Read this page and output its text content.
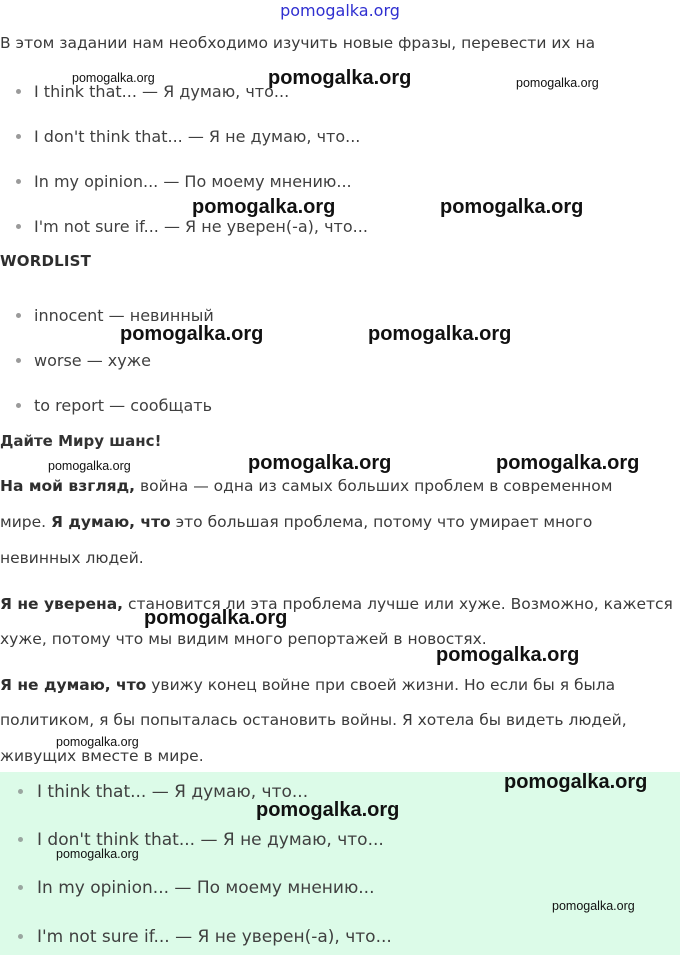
pomogalka.org
В этом задании нам необходимо изучить новые фразы, перевести их на
I think that... — Я думаю, что...
I don't think that... — Я не думаю, что...
In my opinion... — По моему мнению...
I'm not sure if... — Я не уверен(-а), что...
WORDLIST
innocent — невинный
worse — хуже
to report — сообщать
Дайте Миру шанс!
На мой взгляд, война — одна из самых больших проблем в современном
мире. Я думаю, что это большая проблема, потому что умирает много
невинных людей.
Я не уверена, становится ли эта проблема лучше или хуже. Возможно, кажется
хуже, потому что мы видим много репортажей в новостях.
Я не думаю, что увижу конец войне при своей жизни. Но если бы я была
политиком, я бы попыталась остановить войны. Я хотела бы видеть людей,
живущих вместе в мире.
I think that... — Я думаю, что...
I don't think that... — Я не думаю, что...
In my opinion... — По моему мнению...
I'm not sure if... — Я не уверен(-а), что...
pomogalka.org	pomogalka.org	pomogalka.org
pomogalka.org	pomogalka.org
pomogalka.org	pomogalka.org
pomogalka.org	pomogalka.org	pomogalka.org
pomogalka.org
pomogalka.org
pomogalka.org
pomogalka.org
pomogalka.org
pomogalka.org
pomogalka.org
